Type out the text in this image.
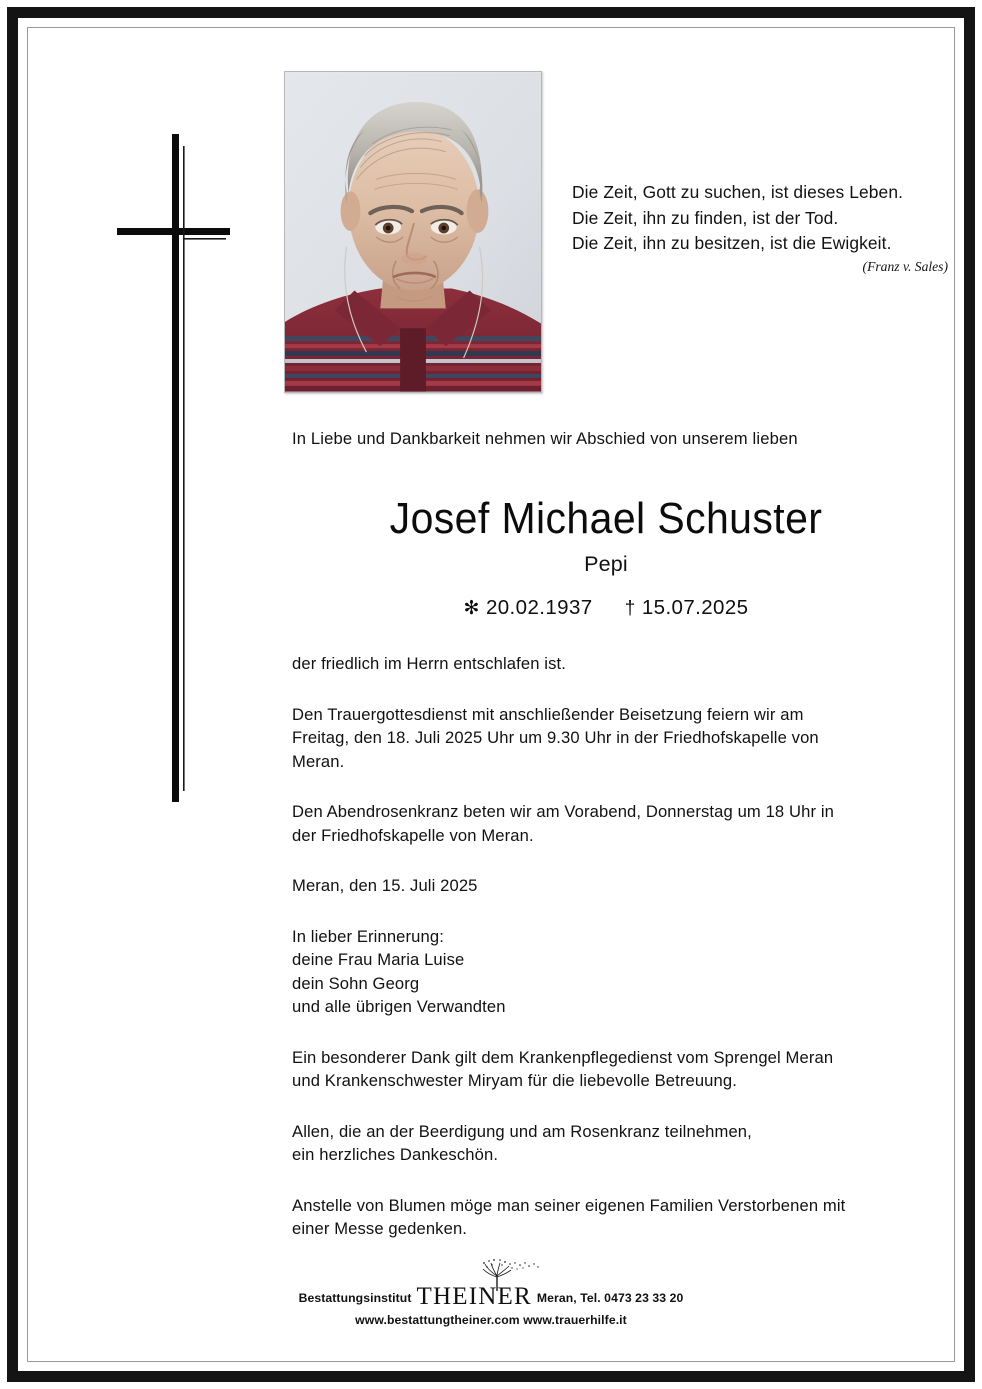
Die Zeit, Gott zu suchen, ist dieses Leben.
Die Zeit, ihn zu finden, ist der Tod.
Die Zeit, ihn zu besitzen, ist die Ewigkeit.
(Franz v. Sales)
In Liebe und Dankbarkeit nehmen wir Abschied von unserem lieben
Josef Michael Schuster
Pepi
✻ 20.02.1937 † 15.07.2025
der friedlich im Herrn entschlafen ist.
Den Trauergottesdienst mit anschließender Beisetzung feiern wir am
Freitag, den 18. Juli 2025 Uhr um 9.30 Uhr in der Friedhofskapelle von
Meran.
Den Abendrosenkranz beten wir am Vorabend, Donnerstag um 18 Uhr in
der Friedhofskapelle von Meran.
Meran, den 15. Juli 2025
In lieber Erinnerung:
deine Frau Maria Luise
dein Sohn Georg
und alle übrigen Verwandten
Ein besonderer Dank gilt dem Krankenpflegedienst vom Sprengel Meran
und Krankenschwester Miryam für die liebevolle Betreuung.
Allen, die an der Beerdigung und am Rosenkranz teilnehmen,
ein herzliches Dankeschön.
Anstelle von Blumen möge man seiner eigenen Familien Verstorbenen mit
einer Messe gedenken.
Bestattungsinstitut THEINER Meran, Tel. 0473 23 33 20
www.bestattungtheiner.com www.trauerhilfe.it
